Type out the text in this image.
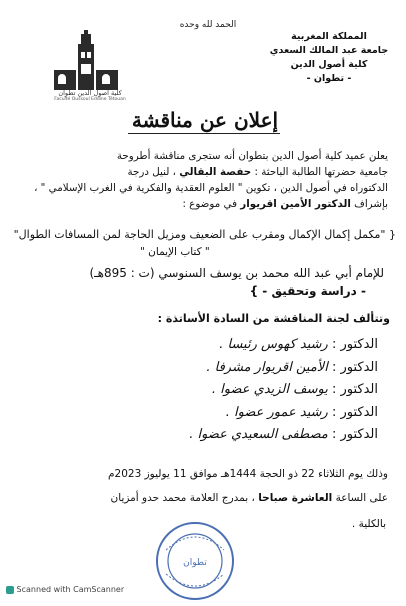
الحمد لله وحده
المملكة المغربية
جامعة عبد المالك السعدي
كلية أصول الدين
- تطوان -
كلية أصول الدين تطوان
Faculté Oussoul Eddine Tétouan
إعلان عن مناقشة
يعلن عميد كلية أصول الدين بتطوان أنه ستجرى مناقشة أطروحة
جامعية حضرتها الطالبة الباحثة : حفصة البقالي ، لنيل درجة
الدكتوراه في أصول الدين ، تكوين " العلوم العقدية والفكرية في الغرب الإسلامي " ،
بإشراف الدكتور الأمين اقريوار في موضوع :
{ "مكمل إكمال الإكمال ومقرب على الضعيف ومزيل الحاجة لمن المسافات الطوال"
" كتاب الإيمان "
للإمام أبي عبد الله محمد بن يوسف السنوسي (ت : 895هـ)
- دراسة وتحقيق - }
وتتألف لجنة المناقشة من السادة الأساتذة :
الدكتور : رشيد كهوس رئيسا .
الدكتور : الأمين اقريوار مشرفا .
الدكتور : يوسف الزيدي عضوا .
الدكتور : رشيد عمور عضوا .
الدكتور : مصطفى السعيدي عضوا .
وذلك يوم الثلاثاء 22 ذو الحجة 1444هـ موافق 11 يوليوز 2023م
على الساعة العاشرة صباحا ، بمدرج العلامة محمد حدو أمزيان
بالكلية .
تطوان
Scanned with CamScanner
